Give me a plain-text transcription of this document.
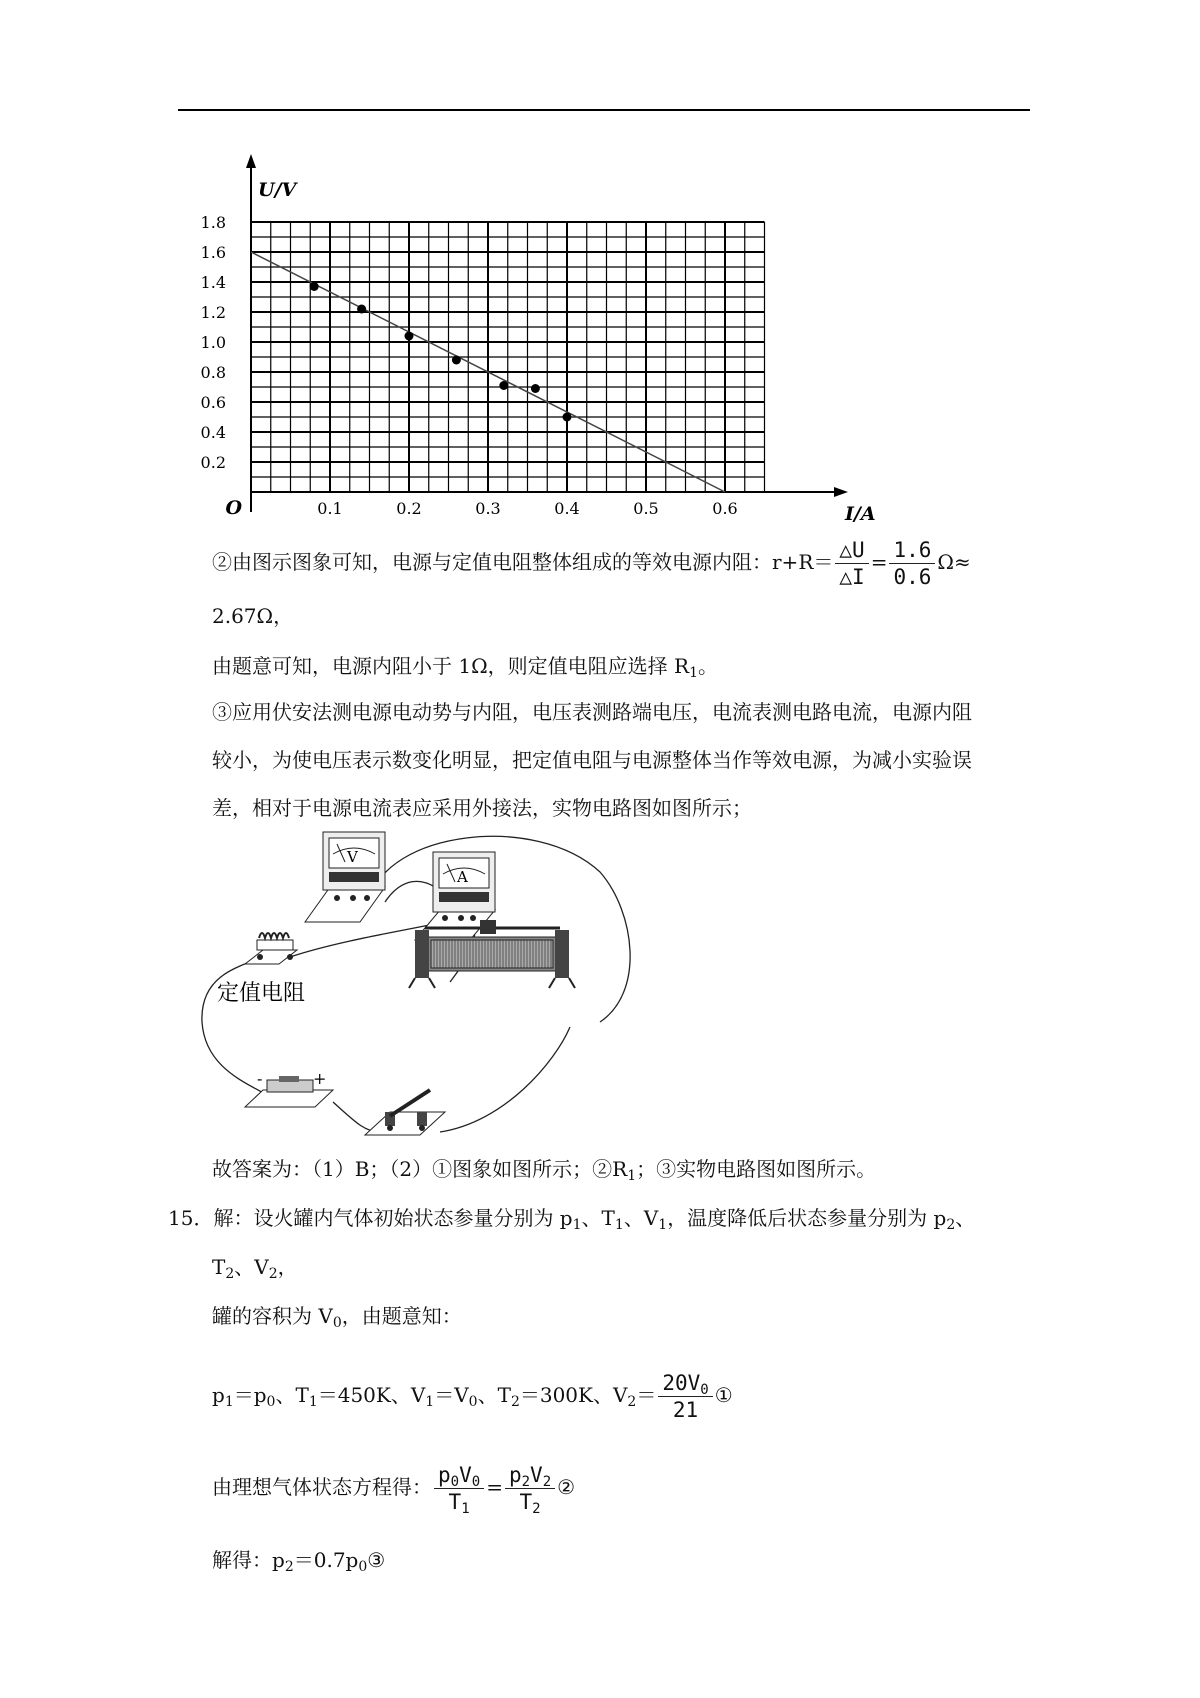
U/V
I/A
O	0.1	0.2	0.3	0.4	0.5	0.6
0.2
0.4
0.6
0.8
1.0
1.2
1.4
1.6
1.8
②由图示图象可知，电源与定值电阻整体组成的等效电源内阻：$r+R= \frac{\triangle U}{\triangle I} = \frac{1.6}{0.6} \Omega\approx$
2.67Ω，
由题意可知，电源内阻小于 1Ω，则定值电阻应选择 $R_1$。
③应用伏安法测电源电动势与内阻，电压表测路端电压，电流表测电路电流，电源内阻
较小，为使电压表示数变化明显，把定值电阻与电源整体当作等效电源，为减小实验误
差，相对于电源电流表应采用外接法，实物电路图如图所示；
V
A
定值电阻
-	+
故答案为：（1）B；（2）①图象如图所示；$②R_1$；③实物电路图如图所示。
15．解：设火罐内气体初始状态参量分别为 $p_1$、$T_1$、$V_1$，温度降低后状态参量分别为 $p_2$、
$T_2$、$V_2$，
罐的容积为 $V_0$，由题意知：
$p_1=p_0$、$T_1=450K$、$V_1=V_0$、$T_2=300K$、$V_2= \frac{20V_0}{21}$ ①
由理想气体状态方程得： $\frac{p_0V_0}{T_1} = \frac{p_2V_2}{T_2}$ ②
解得：$p_2=0.7p_0③$
